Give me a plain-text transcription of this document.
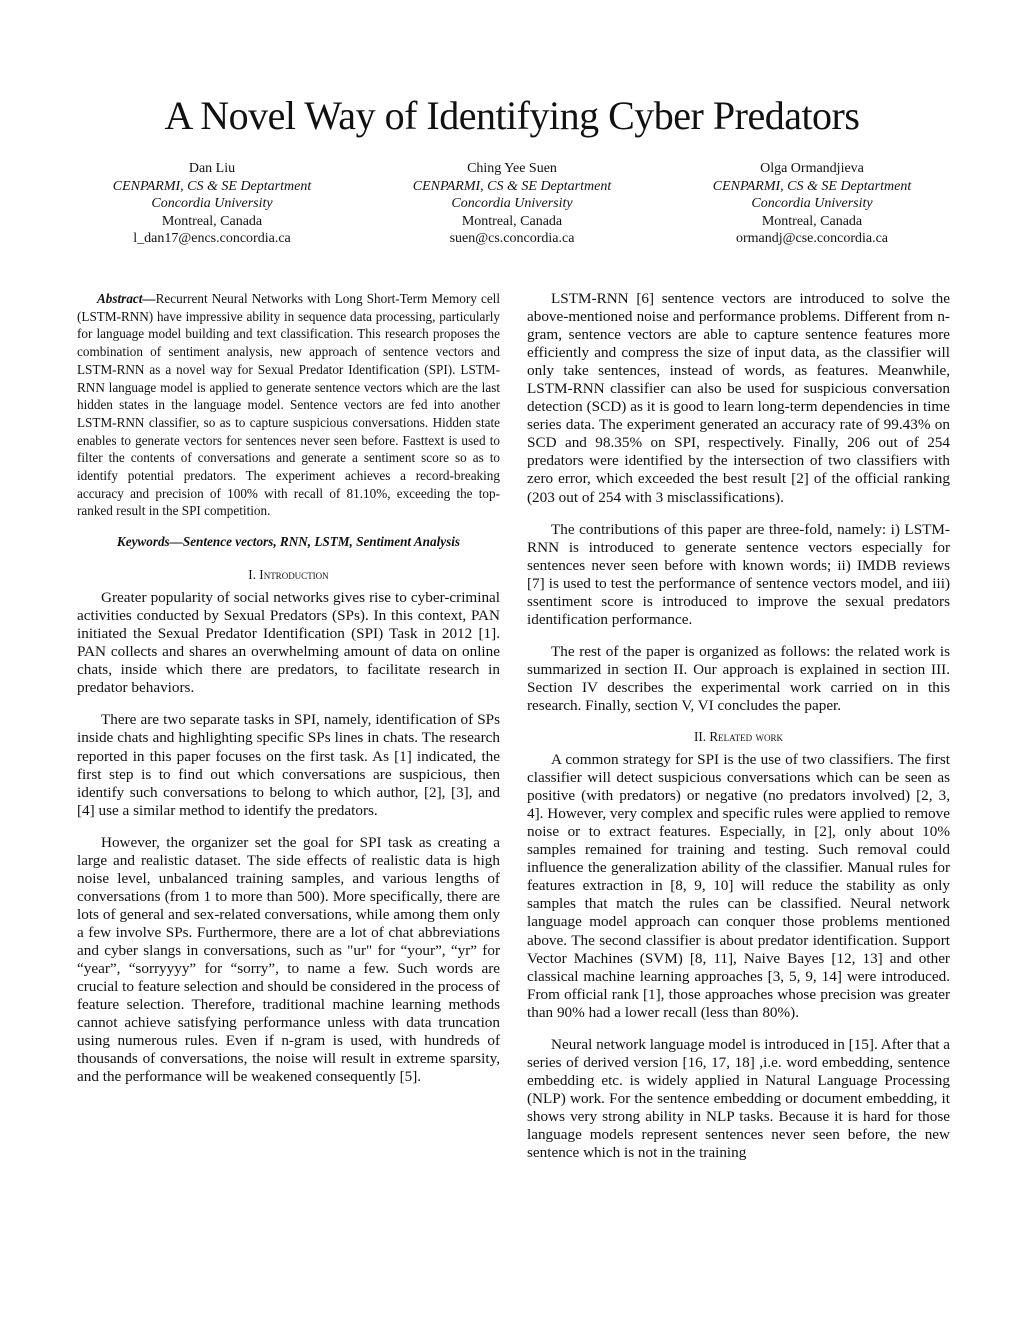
A Novel Way of Identifying Cyber Predators
Dan Liu
CENPARMI, CS & SE Deptartment
Concordia University
Montreal, Canada
l_dan17@encs.concordia.ca
Ching Yee Suen
CENPARMI, CS & SE Deptartment
Concordia University
Montreal, Canada
suen@cs.concordia.ca
Olga Ormandjieva
CENPARMI, CS & SE Deptartment
Concordia University
Montreal, Canada
ormandj@cse.concordia.ca

Abstract—Recurrent Neural Networks with Long Short-Term Memory cell (LSTM-RNN) have impressive ability in sequence data processing, particularly for language model building and text classification. This research proposes the combination of sentiment analysis, new approach of sentence vectors and LSTM-RNN as a novel way for Sexual Predator Identification (SPI). LSTM-RNN language model is applied to generate sentence vectors which are the last hidden states in the language model. Sentence vectors are fed into another LSTM-RNN classifier, so as to capture suspicious conversations. Hidden state enables to generate vectors for sentences never seen before. Fasttext is used to filter the contents of conversations and generate a sentiment score so as to identify potential predators. The experiment achieves a record-breaking accuracy and precision of 100% with recall of 81.10%, exceeding the top-ranked result in the SPI competition.

Keywords—Sentence vectors, RNN, LSTM, Sentiment Analysis
I. Introduction

Greater popularity of social networks gives rise to cyber-criminal activities conducted by Sexual Predators (SPs). In this context, PAN initiated the Sexual Predator Identification (SPI) Task in 2012 [1]. PAN collects and shares an overwhelming amount of data on online chats, inside which there are predators, to facilitate research in predator behaviors.

There are two separate tasks in SPI, namely, identification of SPs inside chats and highlighting specific SPs lines in chats. The research reported in this paper focuses on the first task. As [1] indicated, the first step is to find out which conversations are suspicious, then identify such conversations to belong to which author, [2], [3], and [4] use a similar method to identify the predators.

However, the organizer set the goal for SPI task as creating a large and realistic dataset. The side effects of realistic data is high noise level, unbalanced training samples, and various lengths of conversations (from 1 to more than 500). More specifically, there are lots of general and sex-related conversations, while among them only a few involve SPs. Furthermore, there are a lot of chat abbreviations and cyber slangs in conversations, such as "ur" for “your”, “yr” for “year”, “sorryyyy” for “sorry”, to name a few. Such words are crucial to feature selection and should be considered in the process of feature selection. Therefore, traditional machine learning methods cannot achieve satisfying performance unless with data truncation using numerous rules. Even if n-gram is used, with hundreds of thousands of conversations, the noise will result in extreme sparsity, and the performance will be weakened consequently [5].

LSTM-RNN [6] sentence vectors are introduced to solve the above-mentioned noise and performance problems. Different from n-gram, sentence vectors are able to capture sentence features more efficiently and compress the size of input data, as the classifier will only take sentences, instead of words, as features. Meanwhile, LSTM-RNN classifier can also be used for suspicious conversation detection (SCD) as it is good to learn long-term dependencies in time series data. The experiment generated an accuracy rate of 99.43% on SCD and 98.35% on SPI, respectively. Finally, 206 out of 254 predators were identified by the intersection of two classifiers with zero error, which exceeded the best result [2] of the official ranking (203 out of 254 with 3 misclassifications).

The contributions of this paper are three-fold, namely: i) LSTM-RNN is introduced to generate sentence vectors especially for sentences never seen before with known words; ii) IMDB reviews [7] is used to test the performance of sentence vectors model, and iii) ssentiment score is introduced to improve the sexual predators identification performance.

The rest of the paper is organized as follows: the related work is summarized in section II. Our approach is explained in section III. Section IV describes the experimental work carried on in this research. Finally, section V, VI concludes the paper.

II. Related work

A common strategy for SPI is the use of two classifiers. The first classifier will detect suspicious conversations which can be seen as positive (with predators) or negative (no predators involved) [2, 3, 4]. However, very complex and specific rules were applied to remove noise or to extract features. Especially, in [2], only about 10% samples remained for training and testing. Such removal could influence the generalization ability of the classifier. Manual rules for features extraction in [8, 9, 10] will reduce the stability as only samples that match the rules can be classified. Neural network language model approach can conquer those problems mentioned above. The second classifier is about predator identification. Support Vector Machines (SVM) [8, 11], Naive Bayes [12, 13] and other classical machine learning approaches [3, 5, 9, 14] were introduced. From official rank [1], those approaches whose precision was greater than 90% had a lower recall (less than 80%).

Neural network language model is introduced in [15]. After that a series of derived version [16, 17, 18] ,i.e. word embedding, sentence embedding etc. is widely applied in Natural Language Processing (NLP) work. For the sentence embedding or document embedding, it shows very strong ability in NLP tasks. Because it is hard for those language models represent sentences never seen before, the new sentence which is not in the training
